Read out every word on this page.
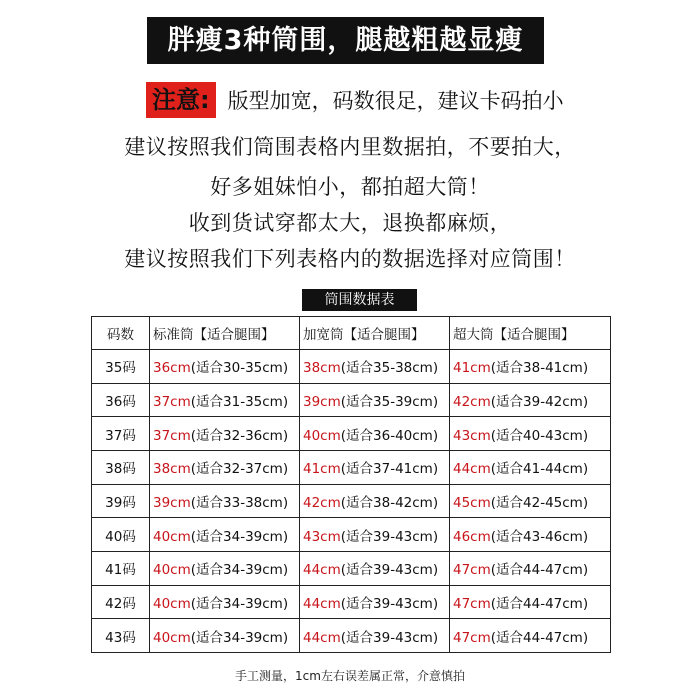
胖瘦3种筒围，腿越粗越显瘦
注意: 版型加宽，码数很足，建议卡码拍小
建议按照我们筒围表格内里数据拍，不要拍大，
好多姐妹怕小，都拍超大筒！
收到货试穿都太大，退换都麻烦，
建议按照我们下列表格内的数据选择对应筒围！
筒围数据表
码数	标准筒【适合腿围】	加宽筒【适合腿围】	超大筒【适合腿围】
35码	36cm(适合30-35cm)	38cm(适合35-38cm)	41cm(适合38-41cm)
36码	37cm(适合31-35cm)	39cm(适合35-39cm)	42cm(适合39-42cm)
37码	37cm(适合32-36cm)	40cm(适合36-40cm)	43cm(适合40-43cm)
38码	38cm(适合32-37cm)	41cm(适合37-41cm)	44cm(适合41-44cm)
39码	39cm(适合33-38cm)	42cm(适合38-42cm)	45cm(适合42-45cm)
40码	40cm(适合34-39cm)	43cm(适合39-43cm)	46cm(适合43-46cm)
41码	40cm(适合34-39cm)	44cm(适合39-43cm)	47cm(适合44-47cm)
42码	40cm(适合34-39cm)	44cm(适合39-43cm)	47cm(适合44-47cm)
43码	40cm(适合34-39cm)	44cm(适合39-43cm)	47cm(适合44-47cm)
手工测量，1cm左右误差属正常，介意慎拍
